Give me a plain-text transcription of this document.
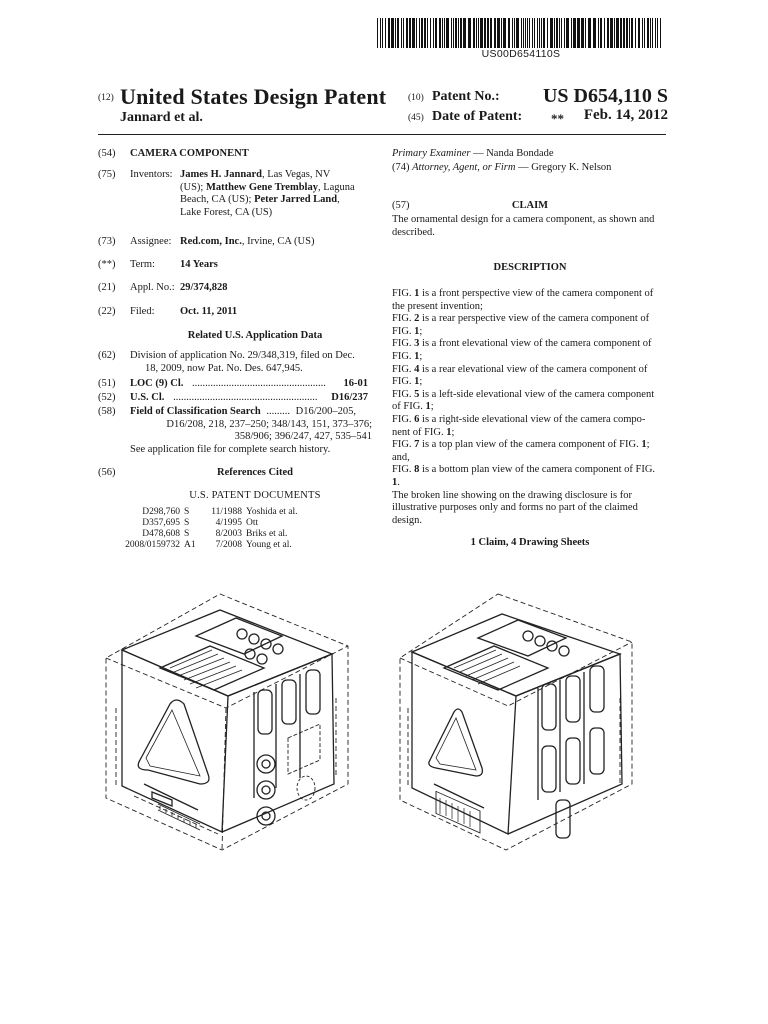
US00D654110S
(12) United States Design Patent
Jannard et al.
(10) Patent No.: US D654,110 S
(45) Date of Patent: ** Feb. 14, 2012
(54) CAMERA COMPONENT
(75) Inventors: James H. Jannard, Las Vegas, NV
(US); Matthew Gene Tremblay, Laguna
Beach, CA (US); Peter Jarred Land,
Lake Forest, CA (US)
(73) Assignee: Red.com, Inc., Irvine, CA (US)
(**) Term: 14 Years
(21) Appl. No.: 29/374,828
(22) Filed: Oct. 11, 2011
Related U.S. Application Data
(62) Division of application No. 29/348,319, filed on Dec.
18, 2009, now Pat. No. Des. 647,945.
(51) LOC (9) Cl. ...................................................	16-01
(52) U.S. Cl. .......................................................	D16/237
(58) Field of Classification Search ......... D16/200–205,
D16/208, 218, 237–250; 348/143, 151, 373–376;
358/906; 396/247, 427, 535–541
See application file for complete search history.
(56)	References Cited
U.S. PATENT DOCUMENTS
D298,760	S	11/1988	Yoshida et al.
D357,695	S	4/1995	Ott
D478,608	S	8/2003	Briks et al.
2008/0159732	A1	7/2008	Young et al.
Primary Examiner — Nanda Bondade
(74) Attorney, Agent, or Firm — Gregory K. Nelson
(57)	CLAIM
The ornamental design for a camera component, as shown and described.
DESCRIPTION

FIG. 1 is a front perspective view of the camera component of

the present invention;

FIG. 2 is a rear perspective view of the camera component of

FIG. 1;

FIG. 3 is a front elevational view of the camera component of

FIG. 1;

FIG. 4 is a rear elevational view of the camera component of

FIG. 1;

FIG. 5 is a left-side elevational view of the camera component

of FIG. 1;

FIG. 6 is a right-side elevational view of the camera compo-

nent of FIG. 1;

FIG. 7 is a top plan view of the camera component of FIG. 1;

and,

FIG. 8 is a bottom plan view of the camera component of FIG.

1.

The broken line showing on the drawing disclosure is for

illustrative purposes only and forms no part of the claimed

design.

1 Claim, 4 Drawing Sheets
